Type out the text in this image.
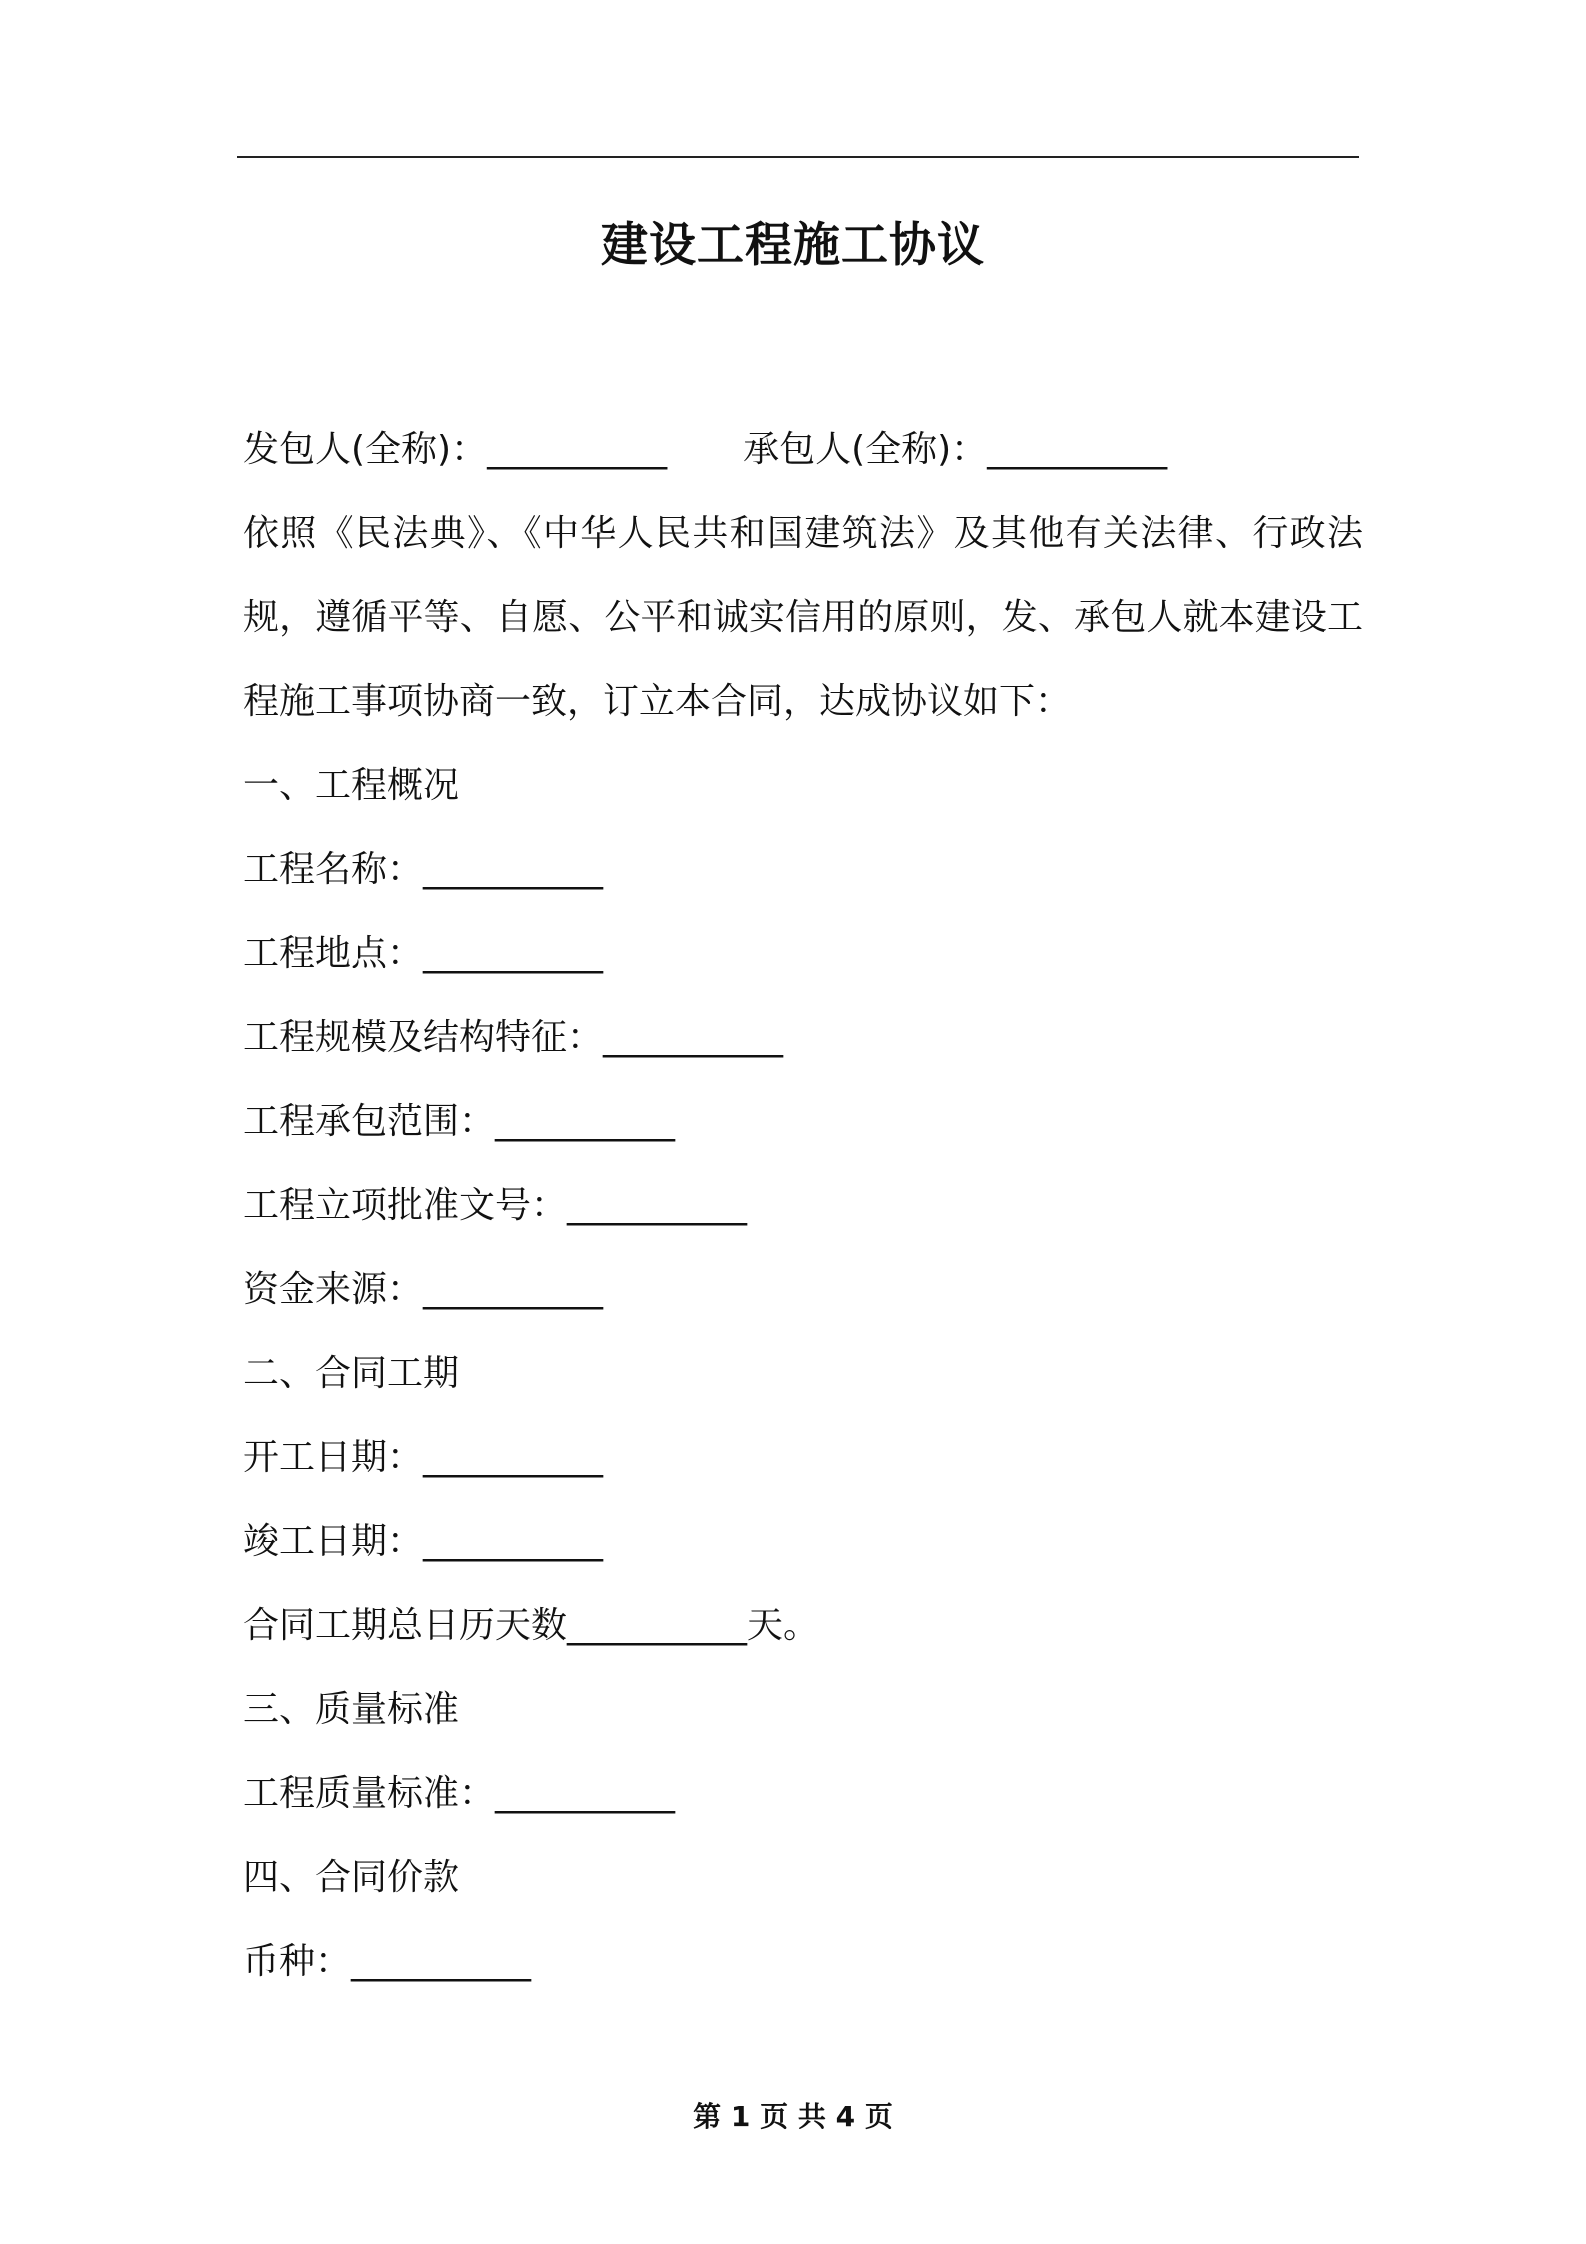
建设工程施工协议
发包人(全称)：__________ 承包人(全称)：__________

依照《民法典》、《中华人民共和国建筑法》及其他有关法律、行政法规，遵循平等、自愿、公平和诚实信用的原则，发、承包人就本建设工程施工事项协商一致，订立本合同，达成协议如下：

一、工程概况
工程名称：__________
工程地点：__________
工程规模及结构特征：__________
工程承包范围：__________
工程立项批准文号：__________
资金来源：__________
二、合同工期
开工日期：__________
竣工日期：__________
合同工期总日历天数__________天。
三、质量标准
工程质量标准：__________
四、合同价款
币种：__________
第 1 页 共 4 页
